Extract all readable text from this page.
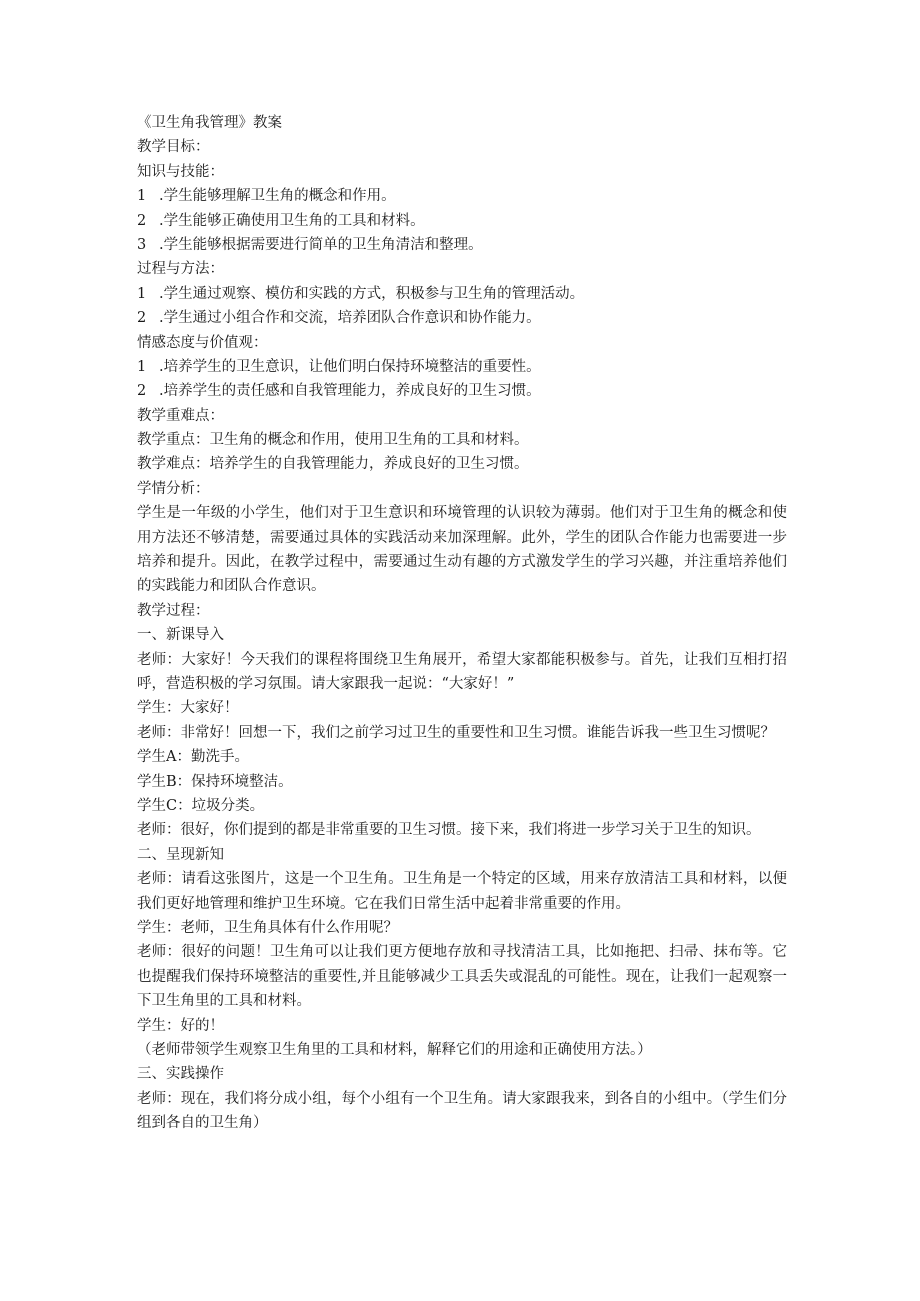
《卫生角我管理》教案
教学目标：
知识与技能：
1 .学生能够理解卫生角的概念和作用。
2 .学生能够正确使用卫生角的工具和材料。
3 .学生能够根据需要进行简单的卫生角清洁和整理。
过程与方法：
1 .学生通过观察、模仿和实践的方式，积极参与卫生角的管理活动。
2 .学生通过小组合作和交流，培养团队合作意识和协作能力。
情感态度与价值观：
1 .培养学生的卫生意识，让他们明白保持环境整洁的重要性。
2 .培养学生的责任感和自我管理能力，养成良好的卫生习惯。
教学重难点：
教学重点：卫生角的概念和作用，使用卫生角的工具和材料。
教学难点：培养学生的自我管理能力，养成良好的卫生习惯。
学情分析：

学生是一年级的小学生，他们对于卫生意识和环境管理的认识较为薄弱。他们对于卫生角的概念和使用方法还不够清楚，需要通过具体的实践活动来加深理解。此外，学生的团队合作能力也需要进一步培养和提升。因此，在教学过程中，需要通过生动有趣的方式激发学生的学习兴趣，并注重培养他们的实践能力和团队合作意识。

教学过程：
一、新课导入

老师：大家好！今天我们的课程将围绕卫生角展开，希望大家都能积极参与。首先，让我们互相打招呼，营造积极的学习氛围。请大家跟我一起说：“大家好！”

学生：大家好！

老师：非常好！回想一下，我们之前学习过卫生的重要性和卫生习惯。谁能告诉我一些卫生习惯呢？

学生A：勤洗手。
学生B：保持环境整洁。
学生C：垃圾分类。

老师：很好，你们提到的都是非常重要的卫生习惯。接下来，我们将进一步学习关于卫生的知识。

二、呈现新知

老师：请看这张图片，这是一个卫生角。卫生角是一个特定的区域，用来存放清洁工具和材料，以便我们更好地管理和维护卫生环境。它在我们日常生活中起着非常重要的作用。

学生：老师，卫生角具体有什么作用呢？

老师：很好的问题！卫生角可以让我们更方便地存放和寻找清洁工具，比如拖把、扫帚、抹布等。它也提醒我们保持环境整洁的重要性,并且能够减少工具丢失或混乱的可能性。现在，让我们一起观察一下卫生角里的工具和材料。

学生：好的！
（老师带领学生观察卫生角里的工具和材料，解释它们的用途和正确使用方法。）
三、实践操作

老师：现在，我们将分成小组，每个小组有一个卫生角。请大家跟我来，到各自的小组中。（学生们分组到各自的卫生角）
